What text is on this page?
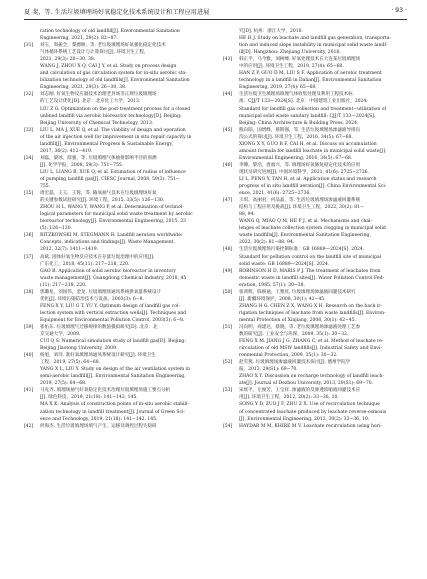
夏 斐，等. 生活垃圾填埋场好氧稳定化技术系统设计和工程应用进展	· 93 ·
ration technology of old landfill[J]. Environmental Sanitation
Engineering, 2021, 29(2): 82−87.
[31] 刘玉，周振全，黎德修，等. 老垃圾填埋场好氧强化稳定化技术
气体循环系统工艺设计与计算探讨[J]. 环境卫生工程，
2021, 29(3): 26−30, 38.
WANG J, ZHOU X Q, CAI J Y, et al. Study on process design
and calculation of gas circulation system for in-situ aerobic sta-
bilization technology of old landfills[J]. Environmental Sanitation
Engineering, 2021, 29(3): 26−30, 38.
[32] 刘志刚. 好氧生物反应器技术治理老封场非正规垃圾填埋场
的工艺设计优化[D]. 北京：北京化工大学，2013.
LIU Z G. Optimization on the post-treatment process for a closed
unlined landfill via aerobic bioreactor technology[D]. Beijing:
Beijing University of Chemical Technology, 2013.
[33] LIU L, MA J, XUE Q, et al. The viability of design and operation
of the air injection well for improvement in situ repair capacity in
landfill[J]. Environmental Progress & Sustainable Energy,
2017, 36(2): 412−419.
[34] 刘磊，梁冰，薛强，等. 垃圾填埋气体抽排影响半径的预测
[J]. 化学学报，2008, 59(3): 751−755.
LIU L, LIANG B, XUE Q, et al. Estimation of radius of influence
of pumping landfill gas[J]. CIESC Journal, 2008, 59(3): 751−
755.
[35] 周宏磊，王玉，王蓉，等. 输氧抽气技术在垃圾填埋场好氧
的关键参数试验研究[J]. 环境工程，2015, 33(5): 126−130.
ZHOU H L, WANG Y, WANG P, et al. Determination of technol-
logical parameters for municipal solid waste treatment by aerobic
bioreactor technology[J]. Environmental Engineering, 2015, 33
(5): 126−130.
[36] RITZKOWSKI M, STEGMANN R. Landfill aeration worldwide:
Concepts, indications and findings[J]. Waste Management,
2012, 32(7): 1411−1419.
[37] 高斌. 固体好氧生物反应技术在存量垃圾治理中的应用[J].
广东化工，2018, 45(11): 217−218, 220.
GAO B. Application of solid aerobic bioreactor in inventory
waste management[J]. Guangdong Chemical Industry, 2018, 45
(11): 217−218, 220.
[38] 郭璐星，刘国伟，金龙. 垃圾填埋场通风系统供氧量系统设计
优化[J]. 环境污染防治技术与设备，2003(3): 6−8.
FENG X Y, LIU G T, YU Y. Optimum design of landfill gas col-
lection system with vertical extraction wells[J]. Techniques and
Equipment for Environmental Pollution Control, 2003(3): 6−8.
[39] 崔佑东. 垃圾填埋气迁移规律的数值模拟研究[D]. 北京：北
京交通大学，2009.
CUI Q S. Numerical simulation study of landfill gas[D]. Beijing:
Beijing Jiaotong University, 2009.
[40] 杨旭，刘洋. 准好氧填埋场通风系统设计研究[J]. 环境卫生
工程，2019, 27(5): 64−68.
YANG X L, LIU Y. Study on design of the air ventilation system in
semi-aerobic landfill[J]. Environmental Sanitation Engineering,
2019, 27(5): 64−68.
[41] 马克齐. 填埋场抽气好氧稳定化技术治理垃圾填埋场施工要点分析
[J]. 绿色科技，2019, 21(18): 141−142, 145.
MA X K. Analysis of construction points of in-situ aerobic stabili-
zation technology in landfill treatment[J]. Journal of Green Sci-
ence and Technology, 2019, 21(18): 141−142, 145.
[42] 何海杰. 生活垃圾填埋场填气产生、运移及调控过程失稳研
究[D]. 杭州：浙江大学，2018.
HE H J. Study on leachate and landfill gas generation, transporta-
tion and induced slope instability in municipal solid waste landf-
ill[D]. Hangzhou: Zhejiang University, 2018.
[43] 韩正平，马今雅，刘树峰. 好氧处理技术在大连某垃圾填埋场
中的应用[J]. 环境卫生工程，2019, 27(4): 65−68.
HAN Z P, GUO D M, LIU S F. Application of aerobic treatment
technology in a landfill in Dalian[J]. Environmental Sanitation
Engineering, 2019, 27(4): 65−68.
[44] 生活垃圾卫生填埋场填埋气体收集处理及利用工程技术标
准：CJJ/T 133—2024[S]. 北京：中国建筑工业出版社，2024.
Standard for landfill gas collection and treatment−utilization of
municipal solid waste sanitary landfill: CJJ/T 133—2024[S].
Beijing: China Architecture & Building Press, 2024.
[45] 熊向阳，国增峰，蔡斯强，等. 生活垃圾填埋场渗滤液导排盲
沟公式的探讨[J]. 环境卫生工程，2016, 34(5): 67−68.
XIONG X Y, GUO B F, CAI H, et al. Discuss on accumulation
amount formula for landfill leachate in municipal solid waste[J].
Environmental Engineering, 2016, 34(5): 67−68.
[46] 李慷，黎浩，唐福兴，等. 填埋场好氧修复稳定化技术的应用
现状及研究进展[J]. 中国环境科学，2021, 41(6): 2725−2736.
LI L, PENG Y, TAN H, et al. Application status and research
progress of in situ landfill aeration[J]. China Environmental Sci-
ence, 2021, 41(6): 2725−2736.
[47] 王琪，高丽君，何品晶，等. 生活垃圾填埋场渗滤液回灌系统
结构与工程应用及挑战[J]. 环境卫生工程，2022, 30(2): 81−
88, 94.
WANG Q, MIAO Q M, HE P J, et al. Mechanisms and chal-
lenges of leachate collection system clogging in municipal solid
waste landfills[J]. Environmental Sanitation Engineering,
2022, 30(2): 81−88, 94.
[48] 生活垃圾填埋场污染控制标准：GB 16889—2024[S]. 2024.
Standard for pollution control on the landfill site of municipal
solid waste: GB 16889—2024[S]. 2024.
[49] ROBINSON H D, MARIS P J. The treatment of leachates from
domestic waste in landfill sites[J]. Water Pollution Control Fed-
eration, 1985, 57(1): 30−38.
[50] 张鸿辉，陈焕通，王雅优. 垃圾填埋场渗滤液回灌技术研究
[J]. 新疆环境保护，2008, 30(1): 42−45.
ZHANG H G, CHEN Z X, WANG X H. Research on the back ir-
rigation techniques of leachate from waste landfills[J]. Environ-
mental Protection of Xinjiang, 2008, 30(1): 42−45.
[51] 冯向明，商建达，蔡晓，等. 老垃圾填埋场渗滤液处理工艺参
数的研究[J]. 工业安全与环保，2009, 35(1): 30−32.
FENG X M, JIANG J G, ZHANG C, et al. Method of leachate re-
circulation of old MSW landfills[J]. Industrial Safety and Envi-
ronmental Protection, 2009, 35(1): 30−32.
[52] 赵雪燕. 垃圾填埋场渗滤液回灌技术探讨[J]. 德州学院学
报，2013, 29(S1): 69−70.
ZHAO X Y. Discussion on recharge technology of landfill leach-
ate[J]. Journal of Dezhou University, 2013, 29(S1): 69−70.
[53] 宋瑶平，左俊芳，王宝祥. 渗滤液的反渗透浓缩液回灌技术应
用[J]. 环境卫生工程，2012, 20(2): 33−36, 10.
SONG Y D, ZUO J F, ZHU Z X. Use of recirculation technique
of concentrated leachate produced by leachate reverse-osmosis
[J]. Environmental Engineering, 2012, 30(2): 33−36, 10.
[54] HAYDAR M M, KHIRE M V. Leachate recirculation using hori-
